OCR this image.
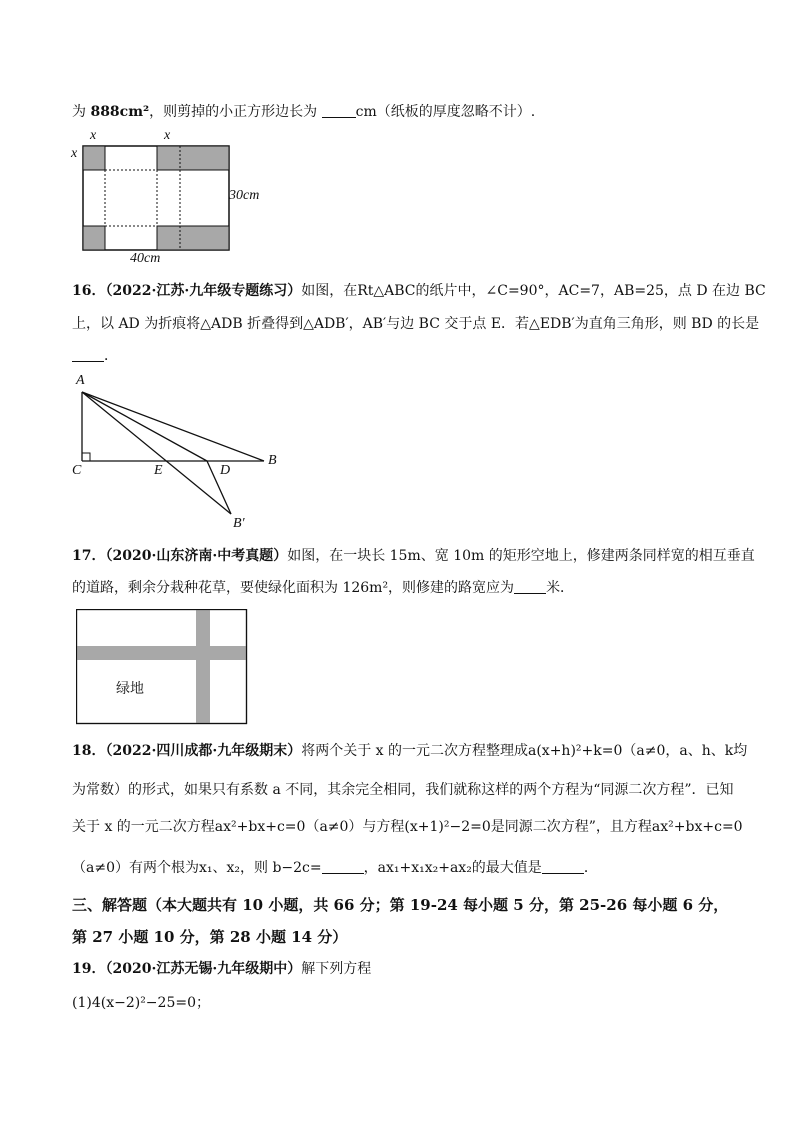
为 888cm²，则剪掉的小正方形边长为 cm（纸板的厚度忽略不计）.
x	x
x
30cm
40cm
16．（2022·江苏·九年级专题练习）如图，在Rt△ABC的纸片中，∠C=90°，AC=7，AB=25，点 D 在边 BC
上，以 AD 为折痕将△ADB 折叠得到△ADB′，AB′与边 BC 交于点 E．若△EDB′为直角三角形，则 BD 的长是
．
A
C	E	D
B
B′
17．（2020·山东济南·中考真题）如图，在一块长 15m、宽 10m 的矩形空地上，修建两条同样宽的相互垂直
的道路，剩余分栽种花草，要使绿化面积为 126m²，则修建的路宽应为 米．
绿地
18．（2022·四川成都·九年级期末）将两个关于 x 的一元二次方程整理成a(x+h)²+k=0（a≠0，a、h、k均
为常数）的形式，如果只有系数 a 不同，其余完全相同，我们就称这样的两个方程为“同源二次方程”．已知
关于 x 的一元二次方程ax²+bx+c=0（a≠0）与方程(x+1)²−2=0是同源二次方程”，且方程ax²+bx+c=0
（a≠0）有两个根为x₁、x₂，则 b−2c=	，ax₁+x₁x₂+ax₂的最大值是	．
三、解答题（本大题共有 10 小题，共 66 分；第 19-24 每小题 5 分，第 25-26 每小题 6 分，
第 27 小题 10 分，第 28 小题 14 分）
19．（2020·江苏无锡·九年级期中）解下列方程
(1)4(x−2)²−25=0；
